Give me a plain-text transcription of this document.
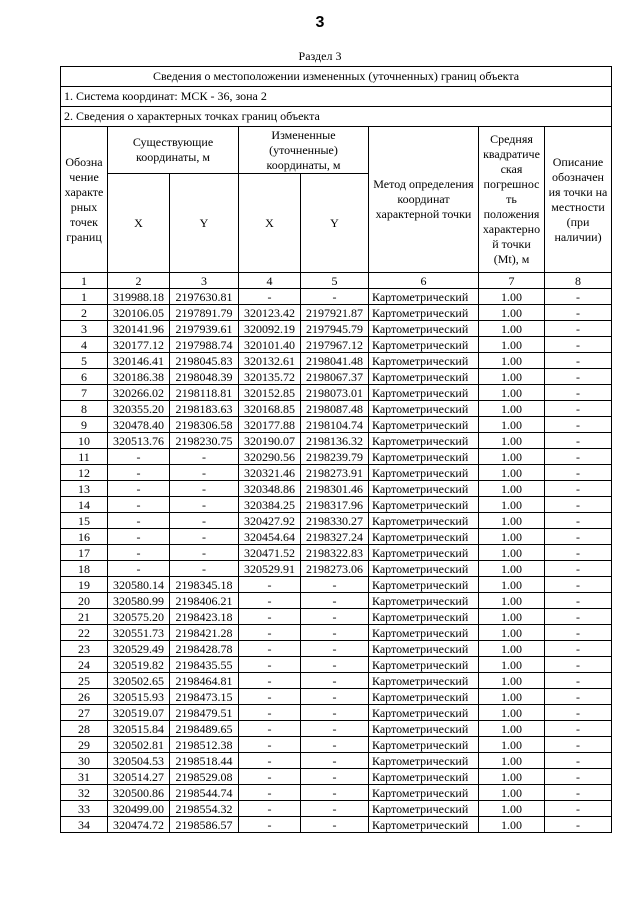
3
Раздел 3
Сведения о местоположении измененных (уточненных) границ объекта							
1. Система координат: МСК - 36, зона 2							
2. Сведения о характерных точках границ объекта							
Обозна чение характе рных точек границ	Существующие координаты, м		Измененные (уточненные) координаты, м		Метод определения координат характерной точки	Средняя квадратиче ская погрешнос ть положения характерно й точки (Mt), м	Описание обозначен ия точки на местности (при наличии)
	X	Y	X	Y			
1	2	3	4	5	6	7	8
1	319988.18	2197630.81	-	-	Картометрический	1.00	-
2	320106.05	2197891.79	320123.42	2197921.87	Картометрический	1.00	-
3	320141.96	2197939.61	320092.19	2197945.79	Картометрический	1.00	-
4	320177.12	2197988.74	320101.40	2197967.12	Картометрический	1.00	-
5	320146.41	2198045.83	320132.61	2198041.48	Картометрический	1.00	-
6	320186.38	2198048.39	320135.72	2198067.37	Картометрический	1.00	-
7	320266.02	2198118.81	320152.85	2198073.01	Картометрический	1.00	-
8	320355.20	2198183.63	320168.85	2198087.48	Картометрический	1.00	-
9	320478.40	2198306.58	320177.88	2198104.74	Картометрический	1.00	-
10	320513.76	2198230.75	320190.07	2198136.32	Картометрический	1.00	-
11	-	-	320290.56	2198239.79	Картометрический	1.00	-
12	-	-	320321.46	2198273.91	Картометрический	1.00	-
13	-	-	320348.86	2198301.46	Картометрический	1.00	-
14	-	-	320384.25	2198317.96	Картометрический	1.00	-
15	-	-	320427.92	2198330.27	Картометрический	1.00	-
16	-	-	320454.64	2198327.24	Картометрический	1.00	-
17	-	-	320471.52	2198322.83	Картометрический	1.00	-
18	-	-	320529.91	2198273.06	Картометрический	1.00	-
19	320580.14	2198345.18	-	-	Картометрический	1.00	-
20	320580.99	2198406.21	-	-	Картометрический	1.00	-
21	320575.20	2198423.18	-	-	Картометрический	1.00	-
22	320551.73	2198421.28	-	-	Картометрический	1.00	-
23	320529.49	2198428.78	-	-	Картометрический	1.00	-
24	320519.82	2198435.55	-	-	Картометрический	1.00	-
25	320502.65	2198464.81	-	-	Картометрический	1.00	-
26	320515.93	2198473.15	-	-	Картометрический	1.00	-
27	320519.07	2198479.51	-	-	Картометрический	1.00	-
28	320515.84	2198489.65	-	-	Картометрический	1.00	-
29	320502.81	2198512.38	-	-	Картометрический	1.00	-
30	320504.53	2198518.44	-	-	Картометрический	1.00	-
31	320514.27	2198529.08	-	-	Картометрический	1.00	-
32	320500.86	2198544.74	-	-	Картометрический	1.00	-
33	320499.00	2198554.32	-	-	Картометрический	1.00	-
34	320474.72	2198586.57	-	-	Картометрический	1.00	-
